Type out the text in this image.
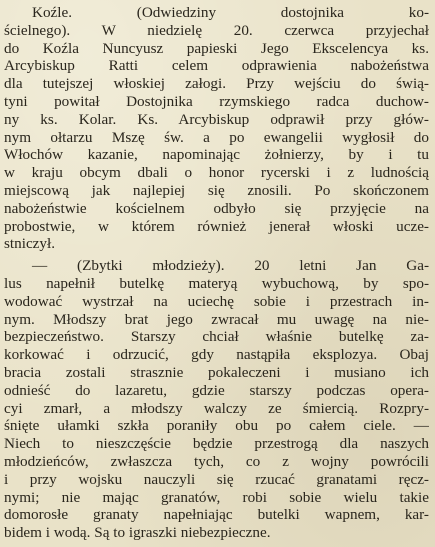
Koźle. (Odwiedziny dostojnika ko-
ścielnego). W niedzielę 20. czerwca przyjechał
do Koźla Nuncyusz papieski Jego Ekscelencya ks.
Arcybiskup Ratti celem odprawienia nabożeństwa
dla tutejszej włoskiej załogi. Przy wejściu do świą-
tyni powitał Dostojnika rzymskiego radca duchow-
ny ks. Kolar. Ks. Arcybiskup odprawił przy głów-
nym ołtarzu Mszę św. a po ewangelii wygłosił do
Włochów kazanie, napominając żołnierzy, by i tu
w kraju obcym dbali o honor rycerski i z ludnością
miejscową jak najlepiej się znosili. Po skończonem
nabożeństwie kościelnem odbyło się przyjęcie na
probostwie, w którem również jenerał włoski ucze-
stniczył.
— (Zbytki młodzieży). 20 letni Jan Ga-
lus napełnił butelkę materyą wybuchową, by spo-
wodować wystrzał na uciechę sobie i przestrach in-
nym. Młodszy brat jego zwracał mu uwagę na nie-
bezpieczeństwo. Starszy chciał właśnie butelkę za-
korkować i odrzucić, gdy nastąpiła eksplozya. Obaj
bracia zostali strasznie pokaleczeni i musiano ich
odnieść do lazaretu, gdzie starszy podczas opera-
cyi zmarł, a młodszy walczy ze śmiercią. Rozpry-
śnięte ułamki szkła poraniły obu po całem ciele. —
Niech to nieszczęście będzie przestrogą dla naszych
młodzieńców, zwłaszcza tych, co z wojny powrócili
i przy wojsku nauczyli się rzucać granatami ręcz-
nymi; nie mając granatów, robi sobie wielu takie
domorosłe granaty napełniając butelki wapnem, kar-
bidem i wodą. Są to igraszki niebezpieczne.
